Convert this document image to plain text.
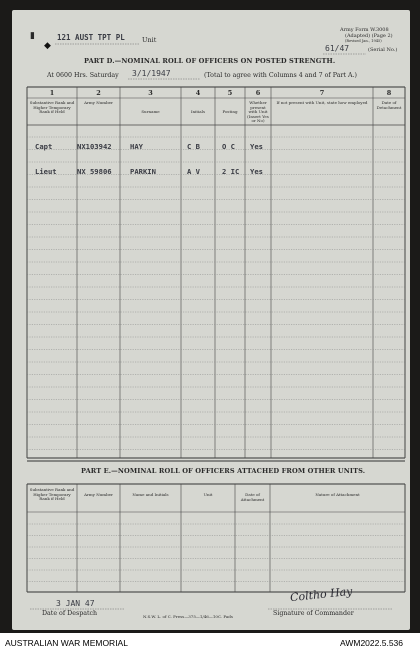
▮
◆
121 AUST TPT PL	Unit
Army Form W.3008
(Adapted) (Page 2)
(Revised Jan., 1945)
61/47	(Serial No.)
PART D.—NOMINAL ROLL OF OFFICERS ON POSTED STRENGTH.
At 0600 Hrs. Saturday 3/1/1947	(Total to agree with Columns 4 and 7 of Part A.)
1	2	3	4	5	6	7	8
Substantive Rank and Higher Temporary Rank if Held
Army Number
Surname	Initials	Posting
Whether present with Unit (Insert Yes or No)
If not present with Unit, state how employed	Date of Detachment
Capt	NX103942	HAY	C B	O C Yes
Lieut	NX 59806	PARKIN	A V	2 IC Yes
PART E.—NOMINAL ROLL OF OFFICERS ATTACHED FROM OTHER UNITS.
Substantive Rank and Higher Temporary Rank if Held
Army Number	Name and Initials	Unit	Date of Attachment
Nature of Attachment
3 JAN 47
Date of Despatch	N.S.W. L. of C. Press—375—1/46—10C. Pads
Coltho Hay
Signature of Commander
AUSTRALIAN WAR MEMORIAL	AWM2022.5.536
